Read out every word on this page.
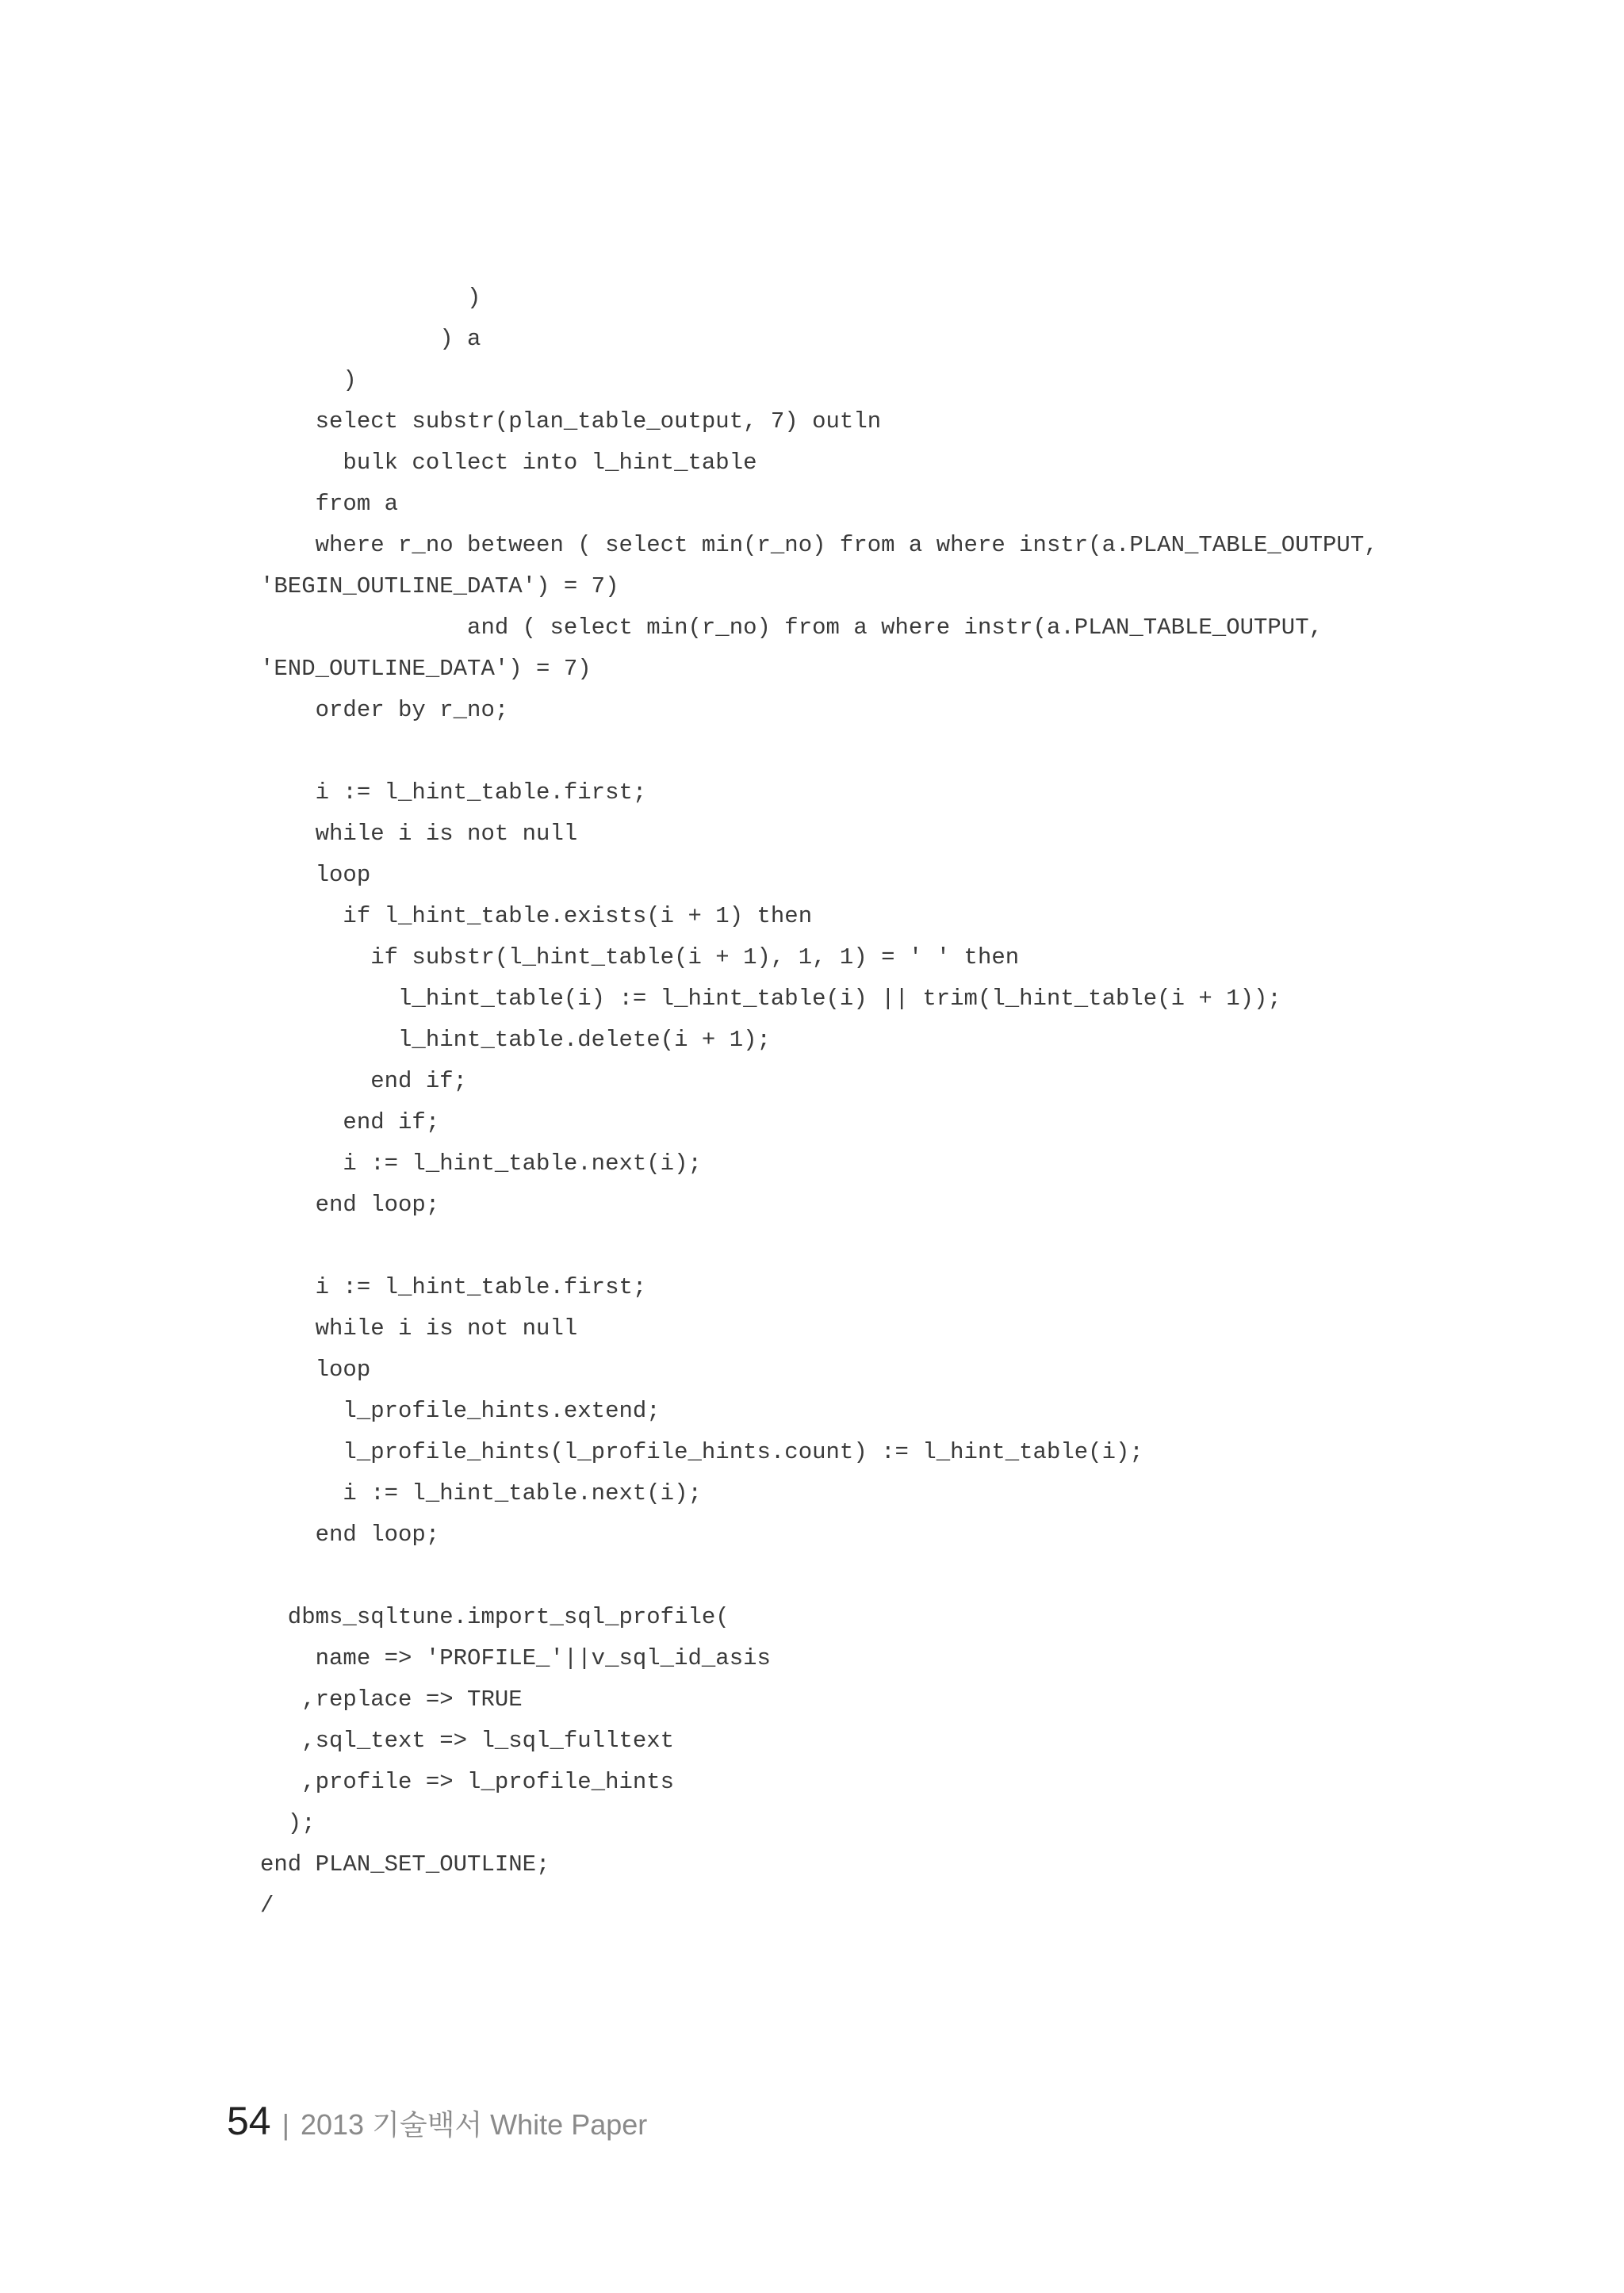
)
) a
)
select substr(plan_table_output, 7) outln
bulk collect into l_hint_table
from a
where r_no between ( select min(r_no) from a where instr(a.PLAN_TABLE_OUTPUT,
'BEGIN_OUTLINE_DATA') = 7)
and ( select min(r_no) from a where instr(a.PLAN_TABLE_OUTPUT,
'END_OUTLINE_DATA') = 7)
order by r_no;
i := l_hint_table.first;
while i is not null
loop
if l_hint_table.exists(i + 1) then
if substr(l_hint_table(i + 1), 1, 1) = ' ' then
l_hint_table(i) := l_hint_table(i) || trim(l_hint_table(i + 1));
l_hint_table.delete(i + 1);
end if;
end if;
i := l_hint_table.next(i);
end loop;
i := l_hint_table.first;
while i is not null
loop
l_profile_hints.extend;
l_profile_hints(l_profile_hints.count) := l_hint_table(i);
i := l_hint_table.next(i);
end loop;
dbms_sqltune.import_sql_profile(
name => 'PROFILE_'||v_sql_id_asis
,replace => TRUE
,sql_text => l_sql_fulltext
,profile => l_profile_hints
);
end PLAN_SET_OUTLINE;
/
54 | 2013 기술백서 White Paper
